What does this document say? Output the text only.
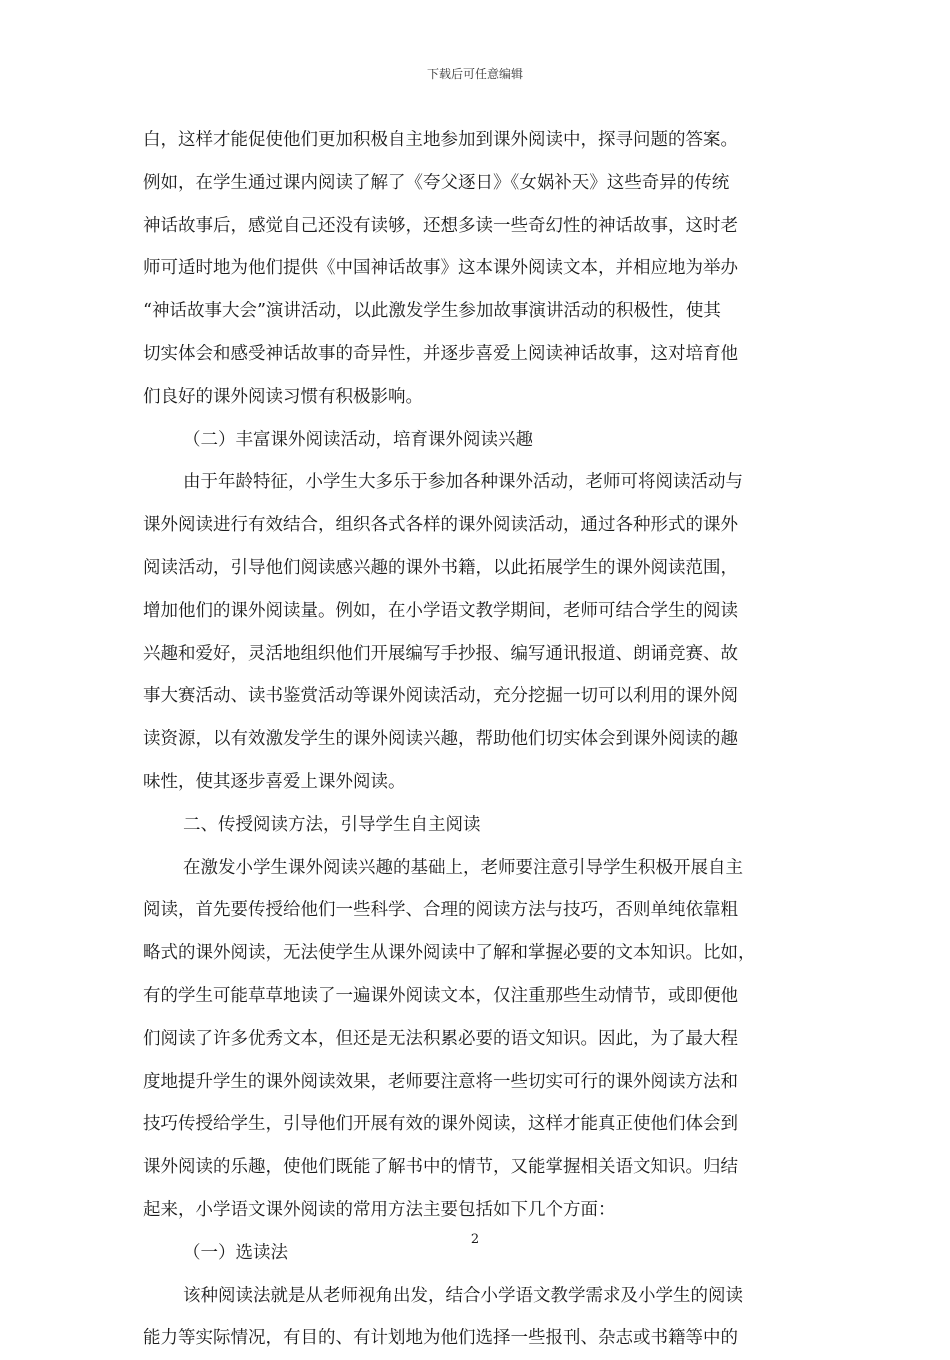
下载后可任意编辑
白，这样才能促使他们更加积极自主地参加到课外阅读中，探寻问题的答案。
例如，在学生通过课内阅读了解了《夸父逐日》《女娲补天》这些奇异的传统
神话故事后，感觉自己还没有读够，还想多读一些奇幻性的神话故事，这时老
师可适时地为他们提供《中国神话故事》这本课外阅读文本，并相应地为举办
“神话故事大会”演讲活动，以此激发学生参加故事演讲活动的积极性，使其
切实体会和感受神话故事的奇异性，并逐步喜爱上阅读神话故事，这对培育他
们良好的课外阅读习惯有积极影响。
（二）丰富课外阅读活动，培育课外阅读兴趣
由于年龄特征，小学生大多乐于参加各种课外活动，老师可将阅读活动与
课外阅读进行有效结合，组织各式各样的课外阅读活动，通过各种形式的课外
阅读活动，引导他们阅读感兴趣的课外书籍，以此拓展学生的课外阅读范围，
增加他们的课外阅读量。例如，在小学语文教学期间，老师可结合学生的阅读
兴趣和爱好，灵活地组织他们开展编写手抄报、编写通讯报道、朗诵竞赛、故
事大赛活动、读书鉴赏活动等课外阅读活动，充分挖掘一切可以利用的课外阅
读资源，以有效激发学生的课外阅读兴趣，帮助他们切实体会到课外阅读的趣
味性，使其逐步喜爱上课外阅读。
二、传授阅读方法，引导学生自主阅读
在激发小学生课外阅读兴趣的基础上，老师要注意引导学生积极开展自主
阅读，首先要传授给他们一些科学、合理的阅读方法与技巧，否则单纯依靠粗
略式的课外阅读，无法使学生从课外阅读中了解和掌握必要的文本知识。比如，
有的学生可能草草地读了一遍课外阅读文本，仅注重那些生动情节，或即便他
们阅读了许多优秀文本，但还是无法积累必要的语文知识。因此，为了最大程
度地提升学生的课外阅读效果，老师要注意将一些切实可行的课外阅读方法和
技巧传授给学生，引导他们开展有效的课外阅读，这样才能真正使他们体会到
课外阅读的乐趣，使他们既能了解书中的情节，又能掌握相关语文知识。归结
起来，小学语文课外阅读的常用方法主要包括如下几个方面：
（一）选读法
该种阅读法就是从老师视角出发，结合小学语文教学需求及小学生的阅读
能力等实际情况，有目的、有计划地为他们选择一些报刊、杂志或书籍等中的
2
